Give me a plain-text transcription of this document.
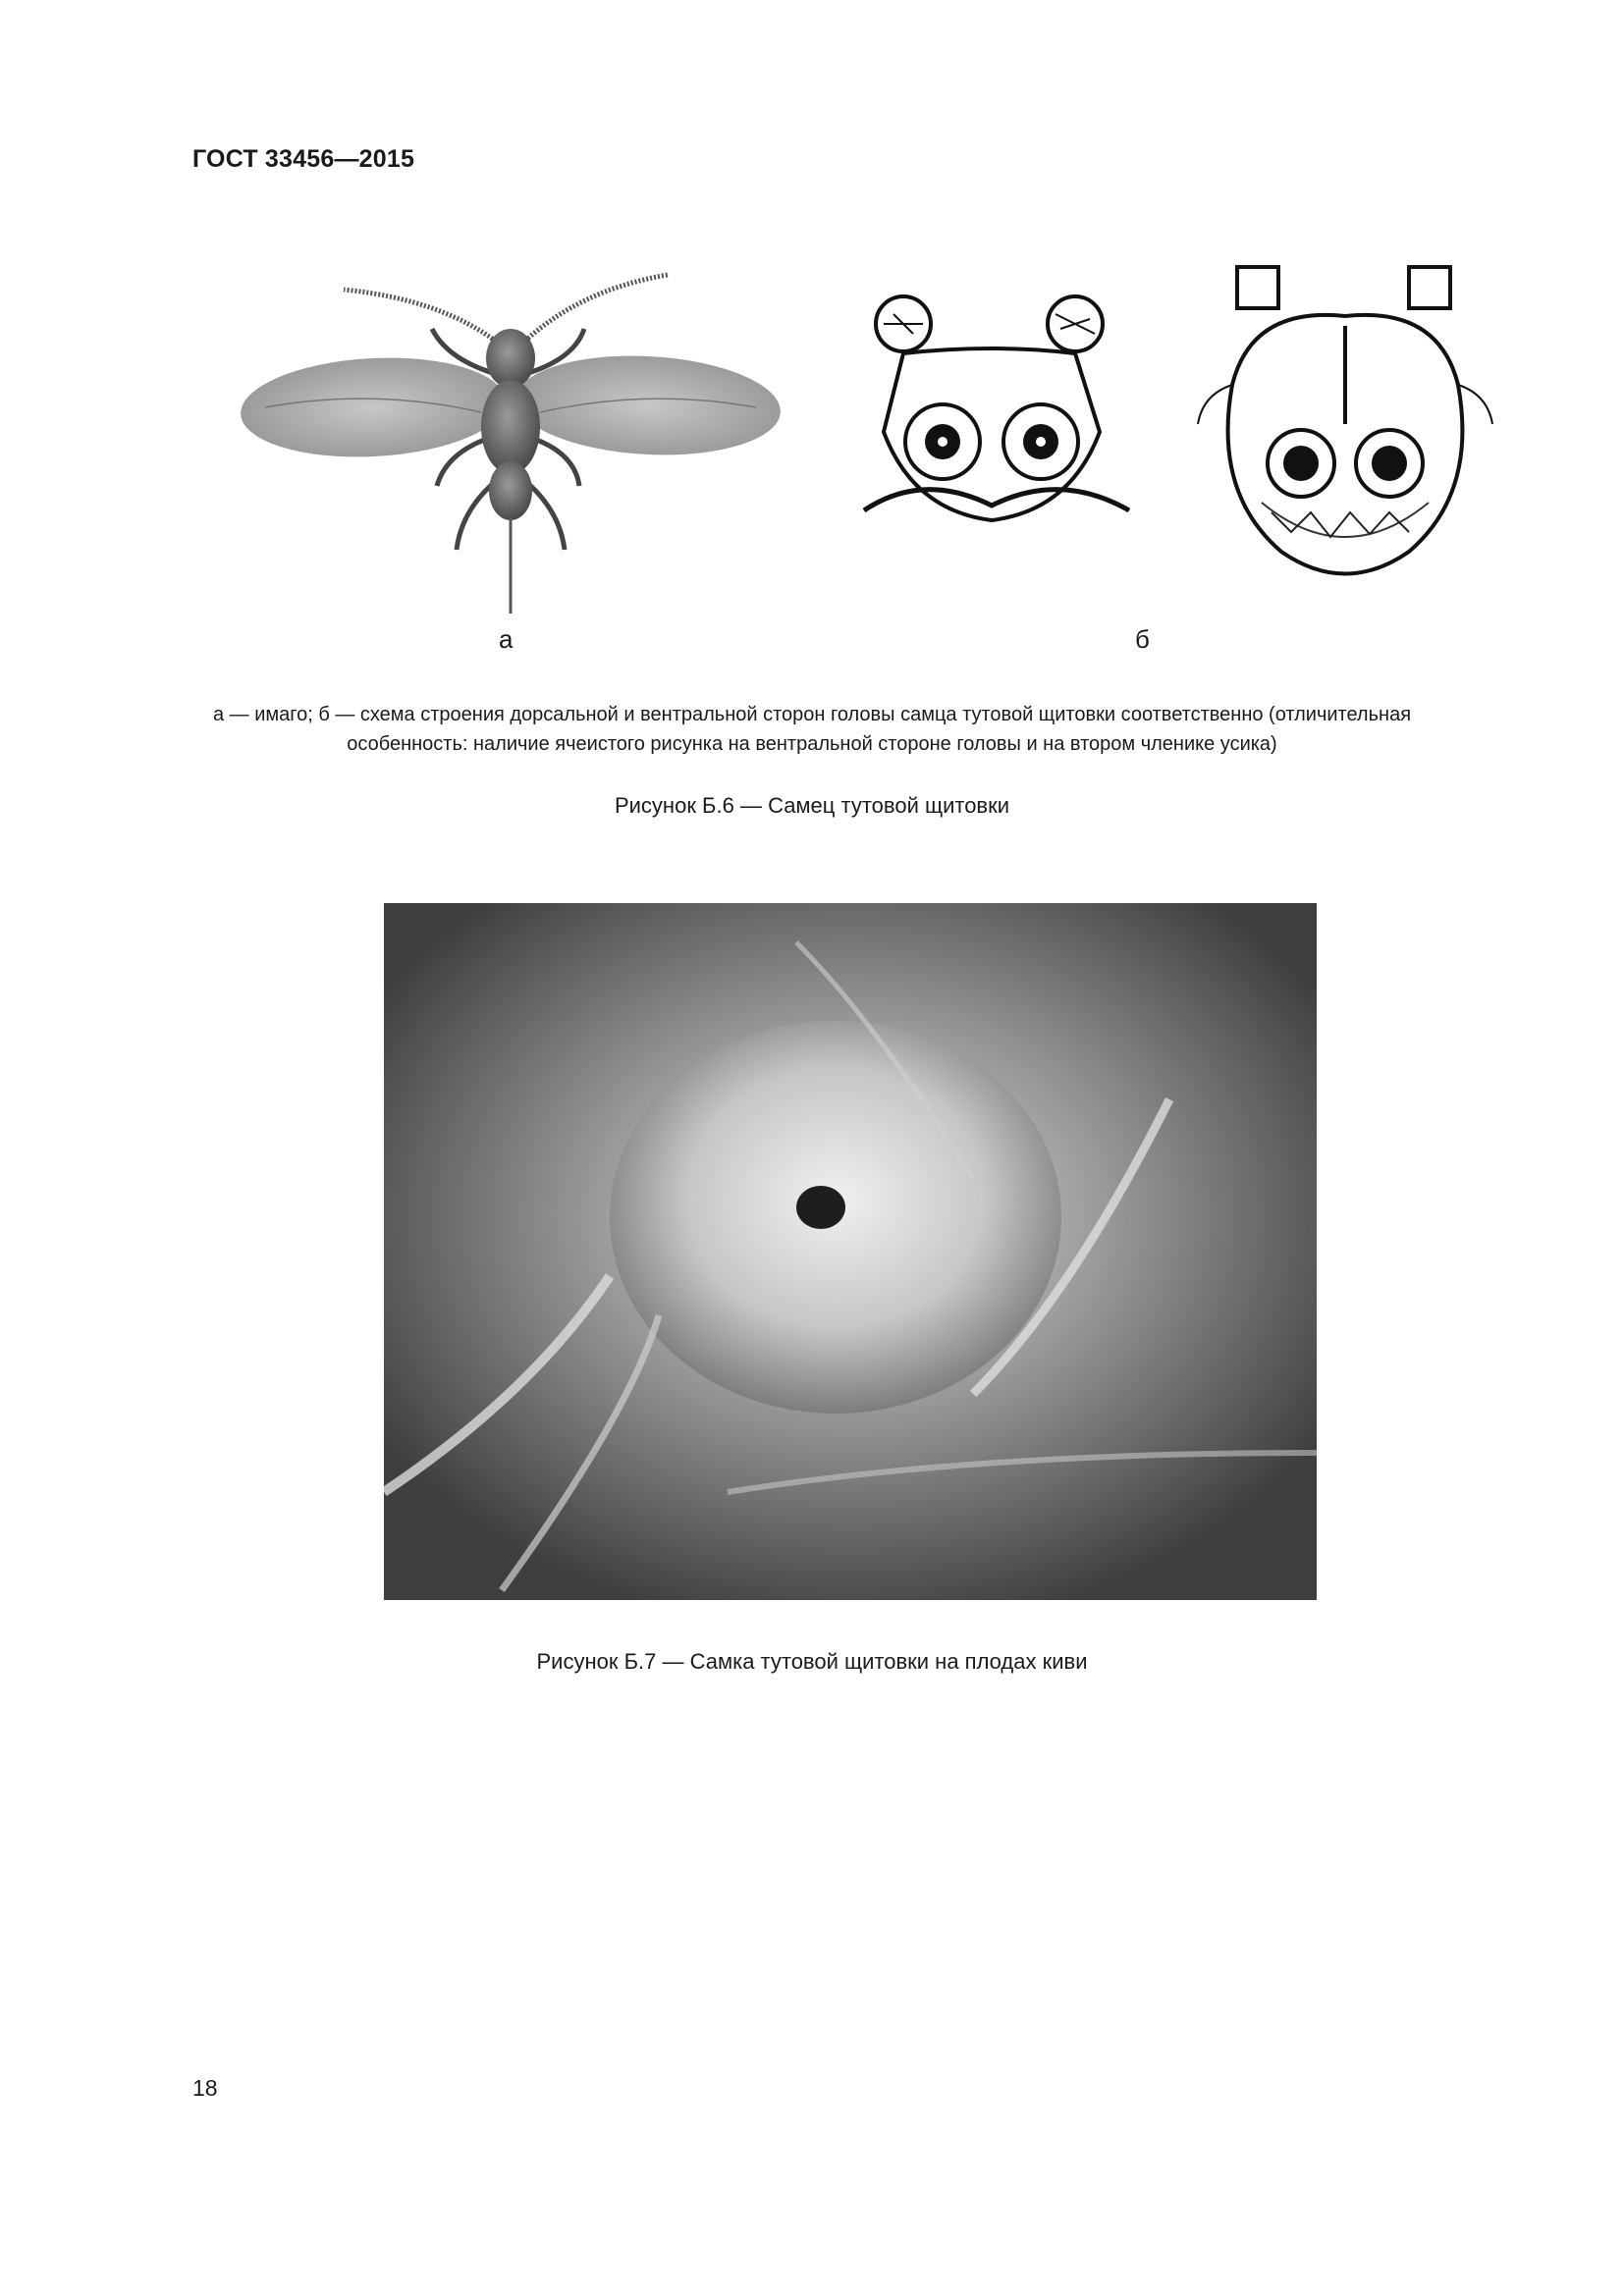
ГОСТ 33456—2015
а	б
а — имаго; б — схема строения дорсальной и вентральной сторон головы самца тутовой щитовки соответственно (отличительная особенность: наличие ячеистого рисунка на вентральной стороне головы и на втором членике усика)
Рисунок Б.6 — Самец тутовой щитовки
Рисунок Б.7 — Самка тутовой щитовки на плодах киви
18
